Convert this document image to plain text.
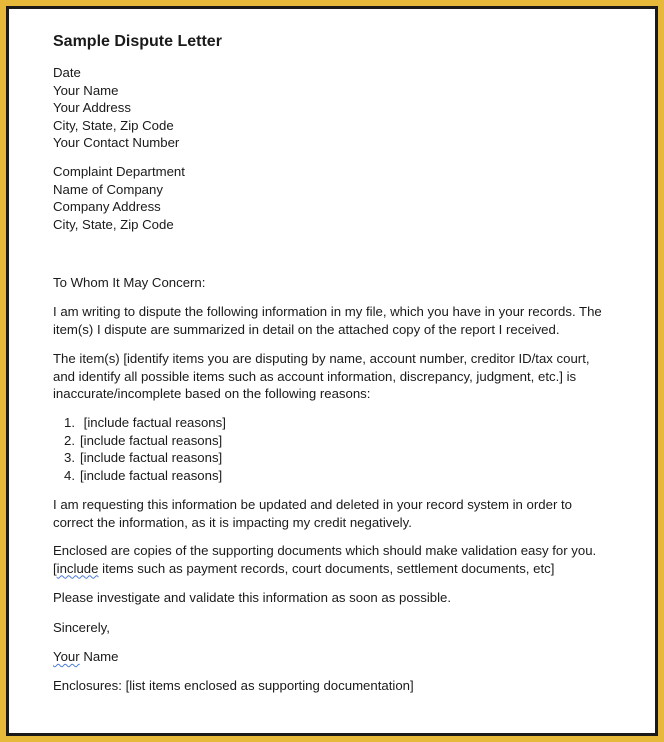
Sample Dispute Letter
Date
Your Name
Your Address
City, State, Zip Code
Your Contact Number
Complaint Department
Name of Company
Company Address
City, State, Zip Code
To Whom It May Concern:
I am writing to dispute the following information in my file, which you have in your records. The
item(s) I dispute are summarized in detail on the attached copy of the report I received.
The item(s) [identify items you are disputing by name, account number, creditor ID/tax court,
and identify all possible items such as account information, discrepancy, judgment, etc.] is
inaccurate/incomplete based on the following reasons:
1. [include factual reasons]
2. [include factual reasons]
3. [include factual reasons]
4. [include factual reasons]
I am requesting this information be updated and deleted in your record system in order to
correct the information, as it is impacting my credit negatively.
Enclosed are copies of the supporting documents which should make validation easy for you.
[include items such as payment records, court documents, settlement documents, etc]
Please investigate and validate this information as soon as possible.
Sincerely,
Your Name
Enclosures: [list items enclosed as supporting documentation]
